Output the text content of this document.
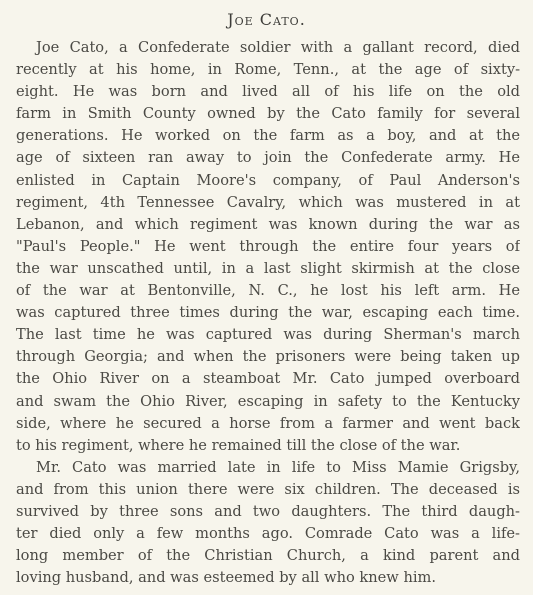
Joe Cato.
Joe Cato, a Confederate soldier with a gallant record, died
recently at his home, in Rome, Tenn., at the age of sixty-
eight. He was born and lived all of his life on the old
farm in Smith County owned by the Cato family for several
generations. He worked on the farm as a boy, and at the
age of sixteen ran away to join the Confederate army. He
enlisted in Captain Moore's company, of Paul Anderson's
regiment, 4th Tennessee Cavalry, which was mustered in at
Lebanon, and which regiment was known during the war as
"Paul's People." He went through the entire four years of
the war unscathed until, in a last slight skirmish at the close
of the war at Bentonville, N. C., he lost his left arm. He
was captured three times during the war, escaping each time.
The last time he was captured was during Sherman's march
through Georgia; and when the prisoners were being taken up
the Ohio River on a steamboat Mr. Cato jumped overboard
and swam the Ohio River, escaping in safety to the Kentucky
side, where he secured a horse from a farmer and went back
to his regiment, where he remained till the close of the war.
Mr. Cato was married late in life to Miss Mamie Grigsby,
and from this union there were six children. The deceased is
survived by three sons and two daughters. The third daugh-
ter died only a few months ago. Comrade Cato was a life-
long member of the Christian Church, a kind parent and
loving husband, and was esteemed by all who knew him.
